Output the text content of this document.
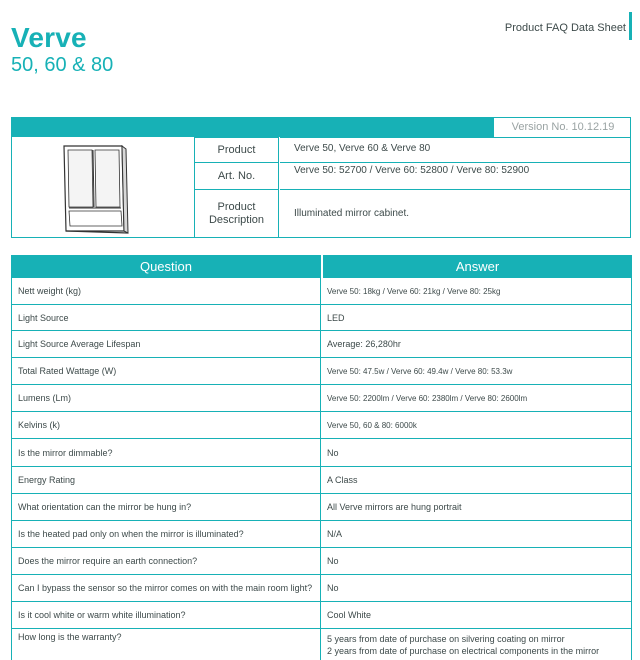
Verve
50, 60 & 80
Product FAQ Data Sheet
Version No. 10.12.19
Product	Verve 50, Verve 60 & Verve 80
Art. No.	Verve 50: 52700 / Verve 60: 52800 / Verve 80: 52900
Product Description	Illuminated mirror cabinet.
Question	Answer
Nett weight (kg)	Verve 50: 18kg / Verve 60: 21kg / Verve 80: 25kg
Light Source	LED
Light Source Average Lifespan	Average: 26,280hr
Total Rated Wattage (W)	Verve 50: 47.5w / Verve 60: 49.4w / Verve 80: 53.3w
Lumens (Lm)	Verve 50: 2200lm / Verve 60: 2380lm / Verve 80: 2600lm
Kelvins (k)	Verve 50, 60 & 80: 6000k
Is the mirror dimmable?	No
Energy Rating	A Class
What orientation can the mirror be hung in?	All Verve mirrors are hung portrait
Is the heated pad only on when the mirror is illuminated?	N/A
Does the mirror require an earth connection?	No
Can I bypass the sensor so the mirror comes on with the main room light?	No
Is it cool white or warm white illumination?	Cool White
How long is the warranty?	5 years from date of purchase on silvering coating on mirror
2 years from date of purchase on electrical components in the mirror
